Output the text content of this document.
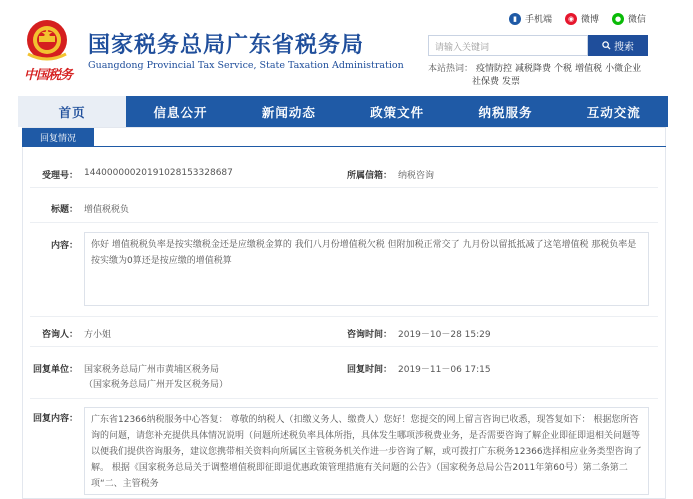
中国税务
国家税务总局广东省税务局
Guangdong Provincial Tax Service, State Taxation Administration
▮ 手机端	◉ 微博	● 微信
请输入关键词	搜索
本站热词： 疫情防控 减税降费 个税 增值税 小微企业
社保费 发票
首页	信息公开	新闻动态	政策文件	纳税服务	互动交流
回复情况
受理号： 14400000020191028153328687	所属信箱： 纳税咨询
标题： 增值税税负
内容：	你好 增值税税负率是按实缴税金还是应缴税金算的 我们八月份增值税欠税 但附加税正常交了 九月份以留抵抵减了这笔增值税 那税负率是按实缴为0算还是按应缴的增值税算
咨询人： 方小姐	咨询时间： 2019－10－28 15:29
回复单位： 国家税务总局广州市黄埔区税务局
（国家税务总局广州开发区税务局）
回复时间： 2019－11－06 17:15
回复内容：	广东省12366纳税服务中心答复： 尊敬的纳税人（扣缴义务人、缴费人）您好！您提交的网上留言咨询已收悉，现答复如下： 根据您所咨询的问题，请您补充提供具体情况说明（问题所述税负率具体所指，具体发生哪项涉税费业务，是否需要咨询了解企业即征即退相关问题等以便我们提供咨询服务，建议您携带相关资料向所属区主管税务机关作进一步咨询了解，或可拨打广东税务12366选择相应业务类型咨询了解。 根据《国家税务总局关于调整增值税即征即退优惠政策管理措施有关问题的公告》（国家税务总局公告2011年第60号）第二条第二项“二、主管税务
